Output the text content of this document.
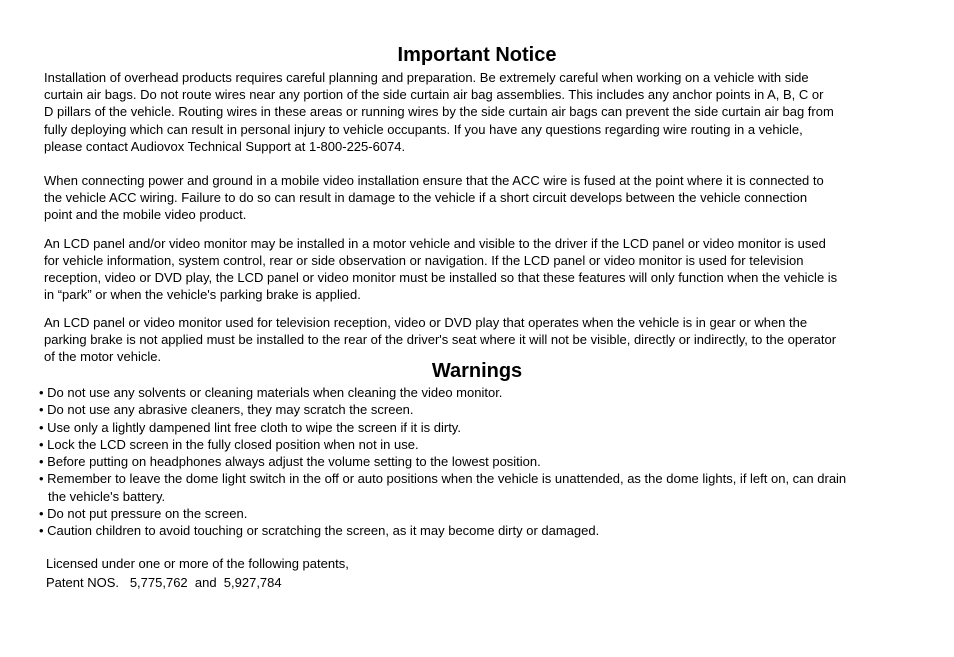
Important Notice

Installation of overhead products requires careful planning and preparation. Be extremely careful when working on a vehicle with side
curtain air bags. Do not route wires near any portion of the side curtain air bag assemblies. This includes any anchor points in A, B, C or
D pillars of the vehicle. Routing wires in these areas or running wires by the side curtain air bags can prevent the side curtain air bag from
fully deploying which can result in personal injury to vehicle occupants. If you have any questions regarding wire routing in a vehicle,
please contact Audiovox Technical Support at 1-800-225-6074.

When connecting power and ground in a mobile video installation ensure that the ACC wire is fused at the point where it is connected to
the vehicle ACC wiring. Failure to do so can result in damage to the vehicle if a short circuit develops between the vehicle connection
point and the mobile video product.

An LCD panel and/or video monitor may be installed in a motor vehicle and visible to the driver if the LCD panel or video monitor is used
for vehicle information, system control, rear or side observation or navigation. If the LCD panel or video monitor is used for television
reception, video or DVD play, the LCD panel or video monitor must be installed so that these features will only function when the vehicle is
in “park” or when the vehicle's parking brake is applied.

An LCD panel or video monitor used for television reception, video or DVD play that operates when the vehicle is in gear or when the
parking brake is not applied must be installed to the rear of the driver's seat where it will not be visible, directly or indirectly, to the operator
of the motor vehicle.

Warnings
• Do not use any solvents or cleaning materials when cleaning the video monitor.
• Do not use any abrasive cleaners, they may scratch the screen.
• Use only a lightly dampened lint free cloth to wipe the screen if it is dirty.
• Lock the LCD screen in the fully closed position when not in use.
• Before putting on headphones always adjust the volume setting to the lowest position.
• Remember to leave the dome light switch in the off or auto positions when the vehicle is unattended, as the dome lights, if left on, can drain
the vehicle's battery.
• Do not put pressure on the screen.
• Caution children to avoid touching or scratching the screen, as it may become dirty or damaged.

Licensed under one or more of the following patents,

Patent NOS.   5,775,762  and  5,927,784
